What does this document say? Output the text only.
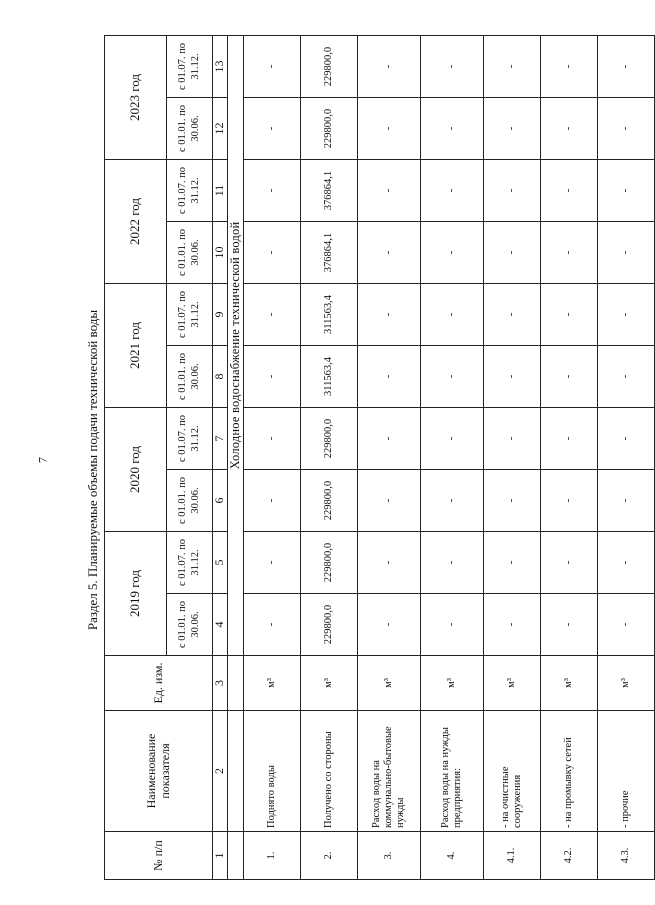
7	Раздел 5. Планируемые объемы подачи технической воды
№ п/п	Наименование показателя	Ед. изм.	2019 год		2020 год		2021 год		2022 год		2023 год	
			с 01.01. по 30.06.	с 01.07. по 31.12.	с 01.01. по 30.06.	с 01.07. по 31.12.	с 01.01. по 30.06.	с 01.07. по 31.12.	с 01.01. по 30.06.	с 01.07. по 31.12.	с 01.01. по 30.06.	с 01.07. по 31.12.
1	2	3	4	5	6	7	8	9	10	11	12	13
			Холодное водоснабжение технической водой									
1.	Поднято воды	м³	-	-	-	-	-	-	-	-	-	-
2.	Получено со стороны	м³	229800,0	229800,0	229800,0	229800,0	311563,4	311563,4	376864,1	376864,1	229800,0	229800,0
3.	Расход воды на коммунально-бытовые нужды	м³	-	-	-	-	-	-	-	-	-	-
4.	Расход воды на нужды предприятия:	м³	-	-	-	-	-	-	-	-	-	-
4.1.	- на очистные сооружения	м³	-	-	-	-	-	-	-	-	-	-
4.2.	- на промывку сетей	м³	-	-	-	-	-	-	-	-	-	-
4.3.	- прочие	м³	-	-	-	-	-	-	-	-	-	-
